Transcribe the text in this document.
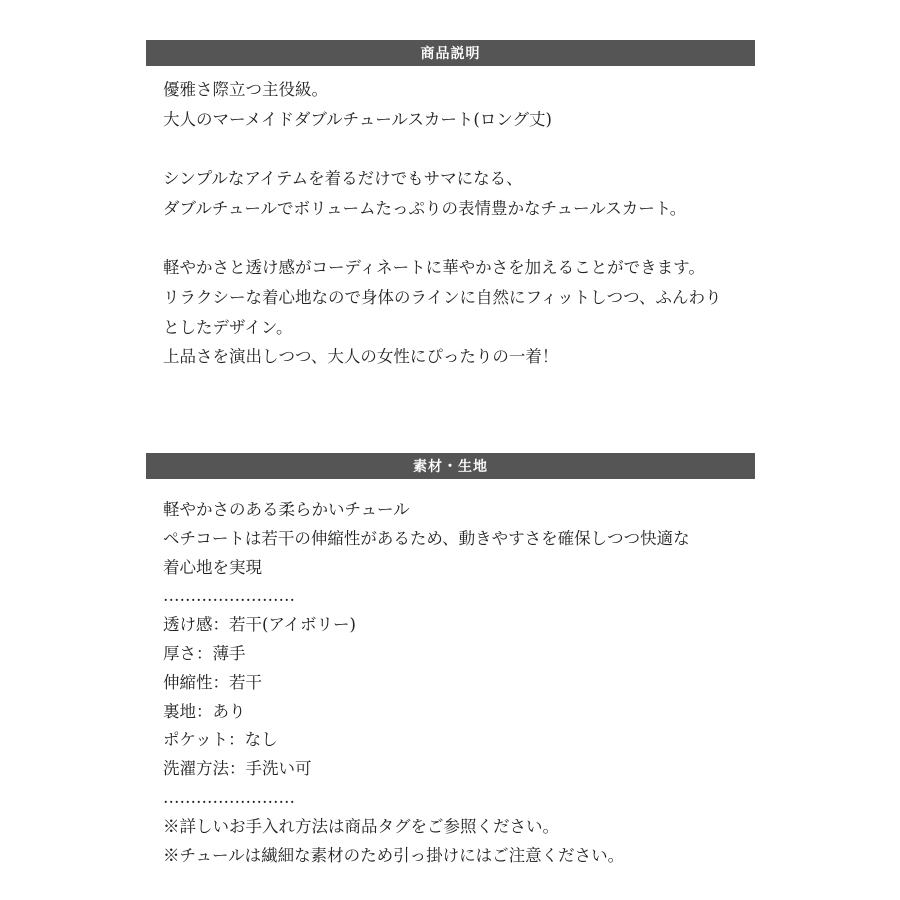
商品説明
優雅さ際立つ主役級。
大人のマーメイドダブルチュールスカート(ロング丈)
シンプルなアイテムを着るだけでもサマになる、
ダブルチュールでボリュームたっぷりの表情豊かなチュールスカート。
軽やかさと透け感がコーディネートに華やかさを加えることができます。
リラクシーな着心地なので身体のラインに自然にフィットしつつ、ふんわり
としたデザイン。
上品さを演出しつつ、大人の女性にぴったりの一着！
素材・生地
軽やかさのある柔らかいチュール
ペチコートは若干の伸縮性があるため、動きやすさを確保しつつ快適な
着心地を実現
……………………
透け感：若干(アイボリー)
厚さ：薄手
伸縮性：若干
裏地：あり
ポケット：なし
洗濯方法：手洗い可
……………………
※詳しいお手入れ方法は商品タグをご参照ください。
※チュールは繊細な素材のため引っ掛けにはご注意ください。
